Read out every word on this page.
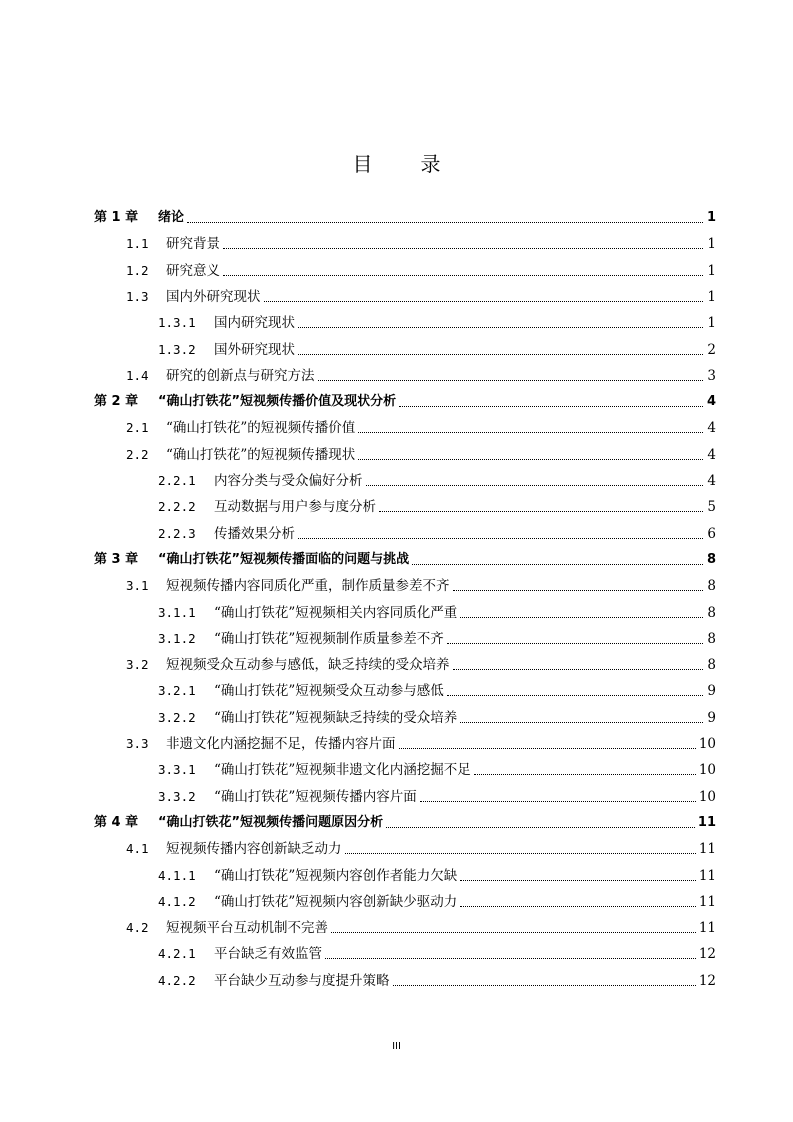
目 录
第 1 章	绪论	1
1.1	研究背景	1
1.2	研究意义	1
1.3	国内外研究现状	1
1.3.1	国内研究现状	1
1.3.2	国外研究现状	2
1.4	研究的创新点与研究方法	3
第 2 章	“确山打铁花”短视频传播价值及现状分析	4
2.1	“确山打铁花”的短视频传播价值	4
2.2	“确山打铁花”的短视频传播现状	4
2.2.1	内容分类与受众偏好分析	4
2.2.2	互动数据与用户参与度分析	5
2.2.3	传播效果分析	6
第 3 章	“确山打铁花”短视频传播面临的问题与挑战	8
3.1	短视频传播内容同质化严重，制作质量参差不齐	8
3.1.1	“确山打铁花”短视频相关内容同质化严重	8
3.1.2	“确山打铁花”短视频制作质量参差不齐	8
3.2	短视频受众互动参与感低，缺乏持续的受众培养	8
3.2.1	“确山打铁花”短视频受众互动参与感低	9
3.2.2	“确山打铁花”短视频缺乏持续的受众培养	9
3.3	非遗文化内涵挖掘不足，传播内容片面	10
3.3.1	“确山打铁花”短视频非遗文化内涵挖掘不足	10
3.3.2	“确山打铁花”短视频传播内容片面	10
第 4 章	“确山打铁花”短视频传播问题原因分析	11
4.1	短视频传播内容创新缺乏动力	11
4.1.1	“确山打铁花”短视频内容创作者能力欠缺	11
4.1.2	“确山打铁花”短视频内容创新缺少驱动力	11
4.2	短视频平台互动机制不完善	11
4.2.1	平台缺乏有效监管	12
4.2.2	平台缺少互动参与度提升策略	12
III
